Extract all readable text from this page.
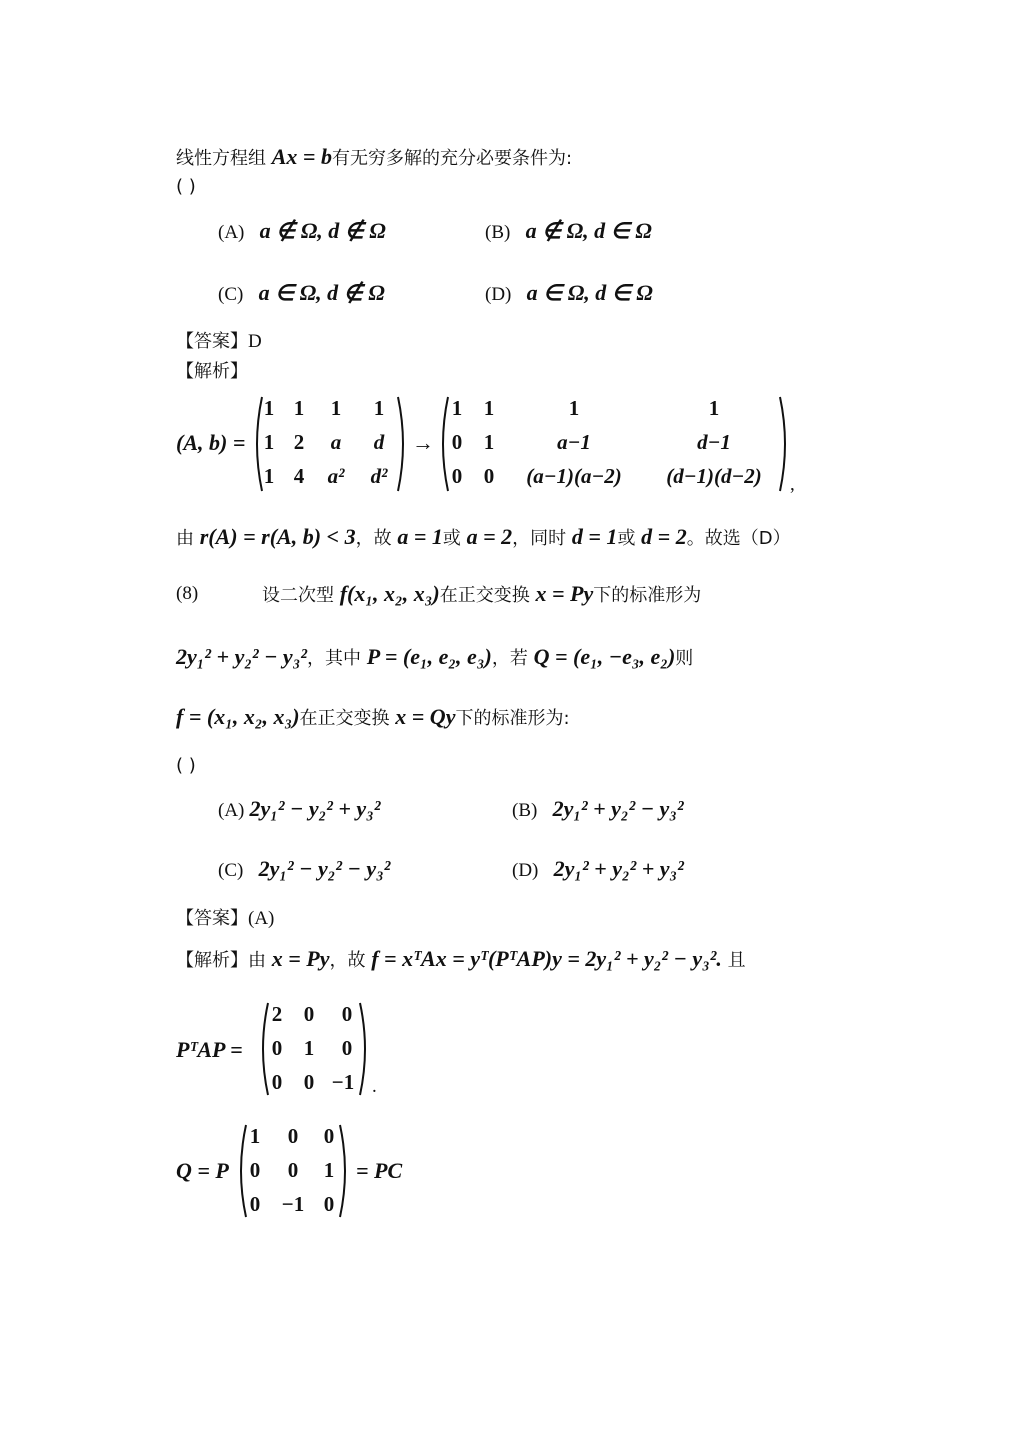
线性方程组 Ax = b有无穷多解的充分必要条件为:
( )
(A) a ∉ Ω, d ∉ Ω	(B) a ∉ Ω, d ∈ Ω
(C) a ∈ Ω, d ∉ Ω	(D) a ∈ Ω, d ∈ Ω
【答案】D
【解析】
(A, b) =
1 1 1 1
1 2 a d
1 4	a²	d²
→
1 1	1	1
0 1	a−1	d−1
0 0	(a−1)(a−2)	(d−1)(d−2)	,
由 r(A) = r(A, b) < 3，故 a = 1或 a = 2，同时 d = 1或 d = 2。故选（D）
(8)	设二次型 f(x₁, x₂, x₃)在正交变换 x = Py下的标准形为
2y₁² + y₂² − y₃²，其中 P = (e₁, e₂, e₃)，若 Q = (e₁, −e₃, e₂)则
f = (x₁, x₂, x₃)在正交变换 x = Qy下的标准形为:
( )
(A) 2y₁² − y₂² + y₃²	(B) 2y₁² + y₂² − y₃²
(C) 2y₁² − y₂² − y₃²	(D) 2y₁² + y₂² + y₃²
【答案】(A)
【解析】由 x = Py，故 f = xᵀAx = yᵀ(PᵀAP)y = 2y₁² + y₂² − y₃². 且
PᵀAP =
2 0	0
0 1	0
0 0 −1 .
Q = P
1	0	0
0	0	1
0 −1 0
= PC
